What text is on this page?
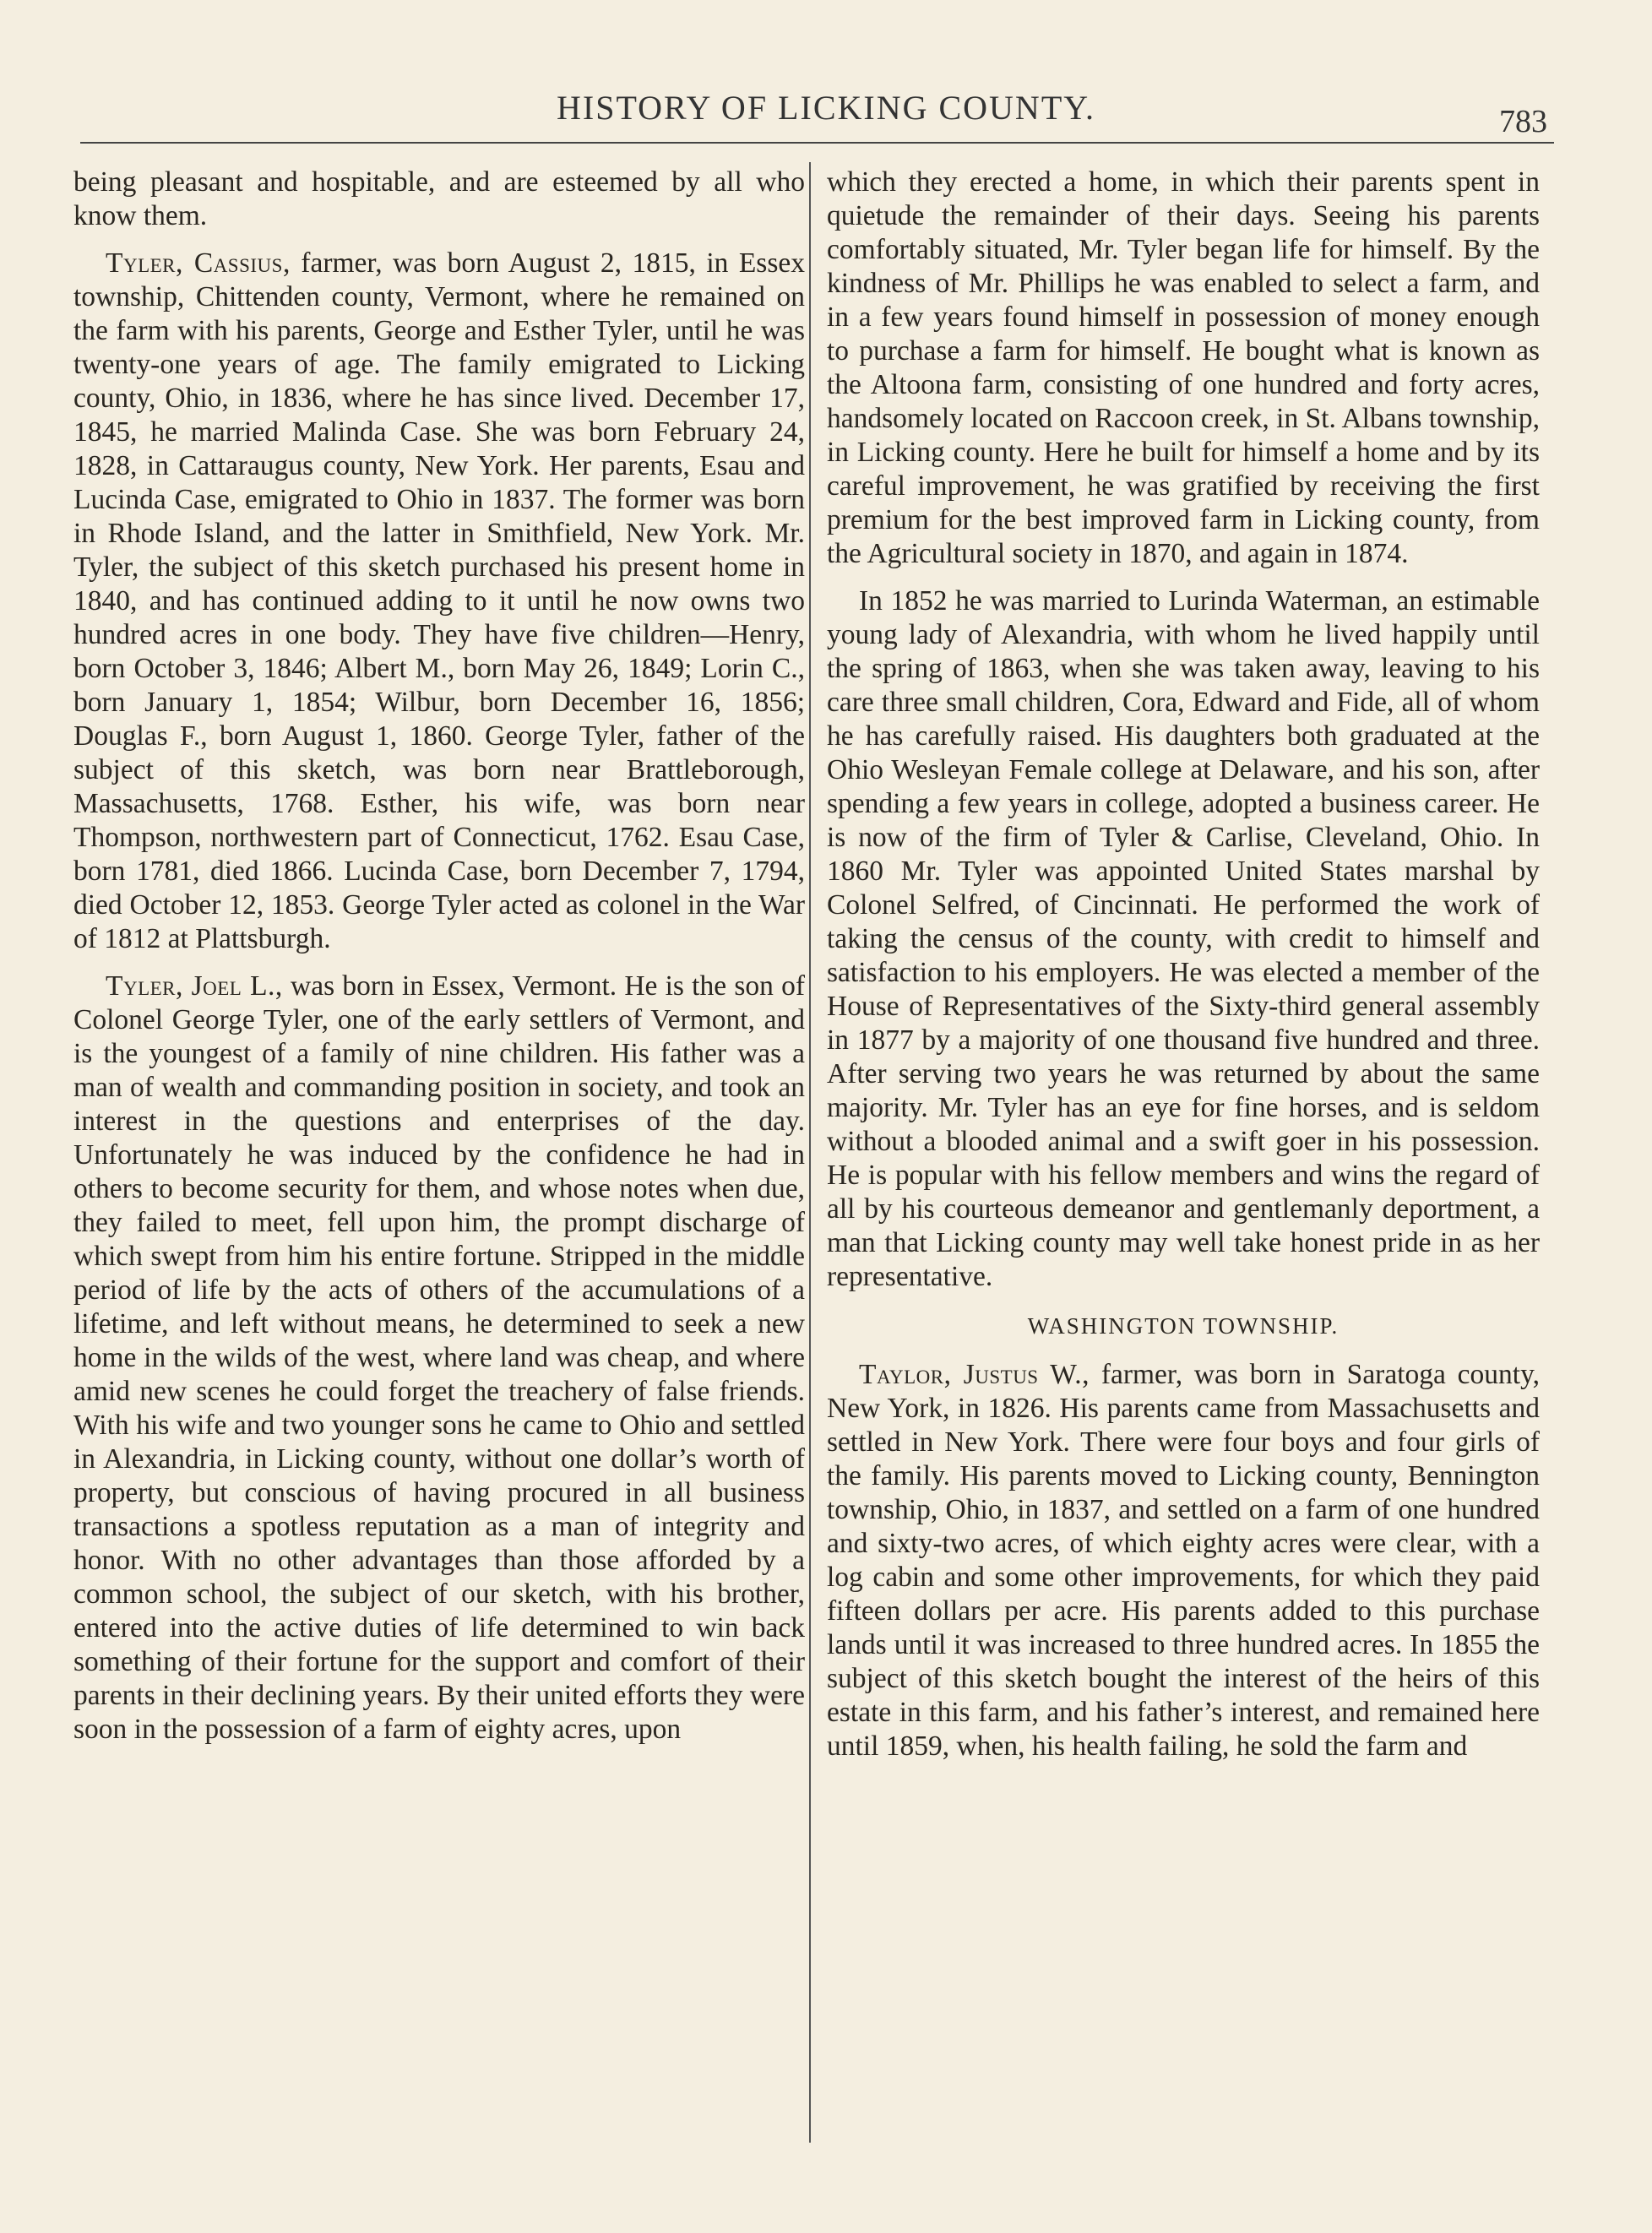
HISTORY OF LICKING COUNTY.	783

being pleasant and hospitable, and are esteemed by all who know them.

Tyler, Cassius, farmer, was born August 2, 1815, in Essex township, Chittenden county, Vermont, where he remained on the farm with his parents, George and Esther Tyler, until he was twenty-one years of age. The family emigrated to Licking county, Ohio, in 1836, where he has since lived. December 17, 1845, he married Malinda Case. She was born February 24, 1828, in Cattaraugus county, New York. Her parents, Esau and Lucinda Case, emigrated to Ohio in 1837. The former was born in Rhode Island, and the latter in Smithfield, New York. Mr. Tyler, the subject of this sketch purchased his present home in 1840, and has continued adding to it until he now owns two hundred acres in one body. They have five children—Henry, born October 3, 1846; Albert M., born May 26, 1849; Lorin C., born January 1, 1854; Wilbur, born December 16, 1856; Douglas F., born August 1, 1860. George Tyler, father of the subject of this sketch, was born near Brattleborough, Massachusetts, 1768. Esther, his wife, was born near Thompson, northwestern part of Connecticut, 1762. Esau Case, born 1781, died 1866. Lucinda Case, born December 7, 1794, died October 12, 1853. George Tyler acted as colonel in the War of 1812 at Plattsburgh.

Tyler, Joel L., was born in Essex, Vermont. He is the son of Colonel George Tyler, one of the early settlers of Vermont, and is the youngest of a family of nine children. His father was a man of wealth and commanding position in society, and took an interest in the questions and enterprises of the day. Unfortunately he was induced by the confidence he had in others to become security for them, and whose notes when due, they failed to meet, fell upon him, the prompt discharge of which swept from him his entire fortune. Stripped in the middle period of life by the acts of others of the accumulations of a lifetime, and left without means, he determined to seek a new home in the wilds of the west, where land was cheap, and where amid new scenes he could forget the treachery of false friends. With his wife and two younger sons he came to Ohio and settled in Alexandria, in Licking county, without one dollar’s worth of property, but conscious of having procured in all business transactions a spotless reputation as a man of integrity and honor. With no other advantages than those afforded by a common school, the subject of our sketch, with his brother, entered into the active duties of life determined to win back something of their fortune for the support and comfort of their parents in their declining years. By their united efforts they were soon in the possession of a farm of eighty acres, upon

which they erected a home, in which their parents spent in quietude the remainder of their days. Seeing his parents comfortably situated, Mr. Tyler began life for himself. By the kindness of Mr. Phillips he was enabled to select a farm, and in a few years found himself in possession of money enough to purchase a farm for himself. He bought what is known as the Altoona farm, consisting of one hundred and forty acres, handsomely located on Raccoon creek, in St. Albans township, in Licking county. Here he built for himself a home and by its careful improvement, he was gratified by receiving the first premium for the best improved farm in Licking county, from the Agricultural society in 1870, and again in 1874.

In 1852 he was married to Lurinda Waterman, an estimable young lady of Alexandria, with whom he lived happily until the spring of 1863, when she was taken away, leaving to his care three small children, Cora, Edward and Fide, all of whom he has carefully raised. His daughters both graduated at the Ohio Wesleyan Female college at Delaware, and his son, after spending a few years in college, adopted a business career. He is now of the firm of Tyler & Carlise, Cleveland, Ohio. In 1860 Mr. Tyler was appointed United States marshal by Colonel Selfred, of Cincinnati. He performed the work of taking the census of the county, with credit to himself and satisfaction to his employers. He was elected a member of the House of Representatives of the Sixty-third general assembly in 1877 by a majority of one thousand five hundred and three. After serving two years he was returned by about the same majority. Mr. Tyler has an eye for fine horses, and is seldom without a blooded animal and a swift goer in his possession. He is popular with his fellow members and wins the regard of all by his courteous demeanor and gentlemanly deportment, a man that Licking county may well take honest pride in as her representative.

WASHINGTON TOWNSHIP.

Taylor, Justus W., farmer, was born in Saratoga county, New York, in 1826. His parents came from Massachusetts and settled in New York. There were four boys and four girls of the family. His parents moved to Licking county, Bennington township, Ohio, in 1837, and settled on a farm of one hundred and sixty-two acres, of which eighty acres were clear, with a log cabin and some other improvements, for which they paid fifteen dollars per acre. His parents added to this purchase lands until it was increased to three hundred acres. In 1855 the subject of this sketch bought the interest of the heirs of this estate in this farm, and his father’s interest, and remained here until 1859, when, his health failing, he sold the farm and
